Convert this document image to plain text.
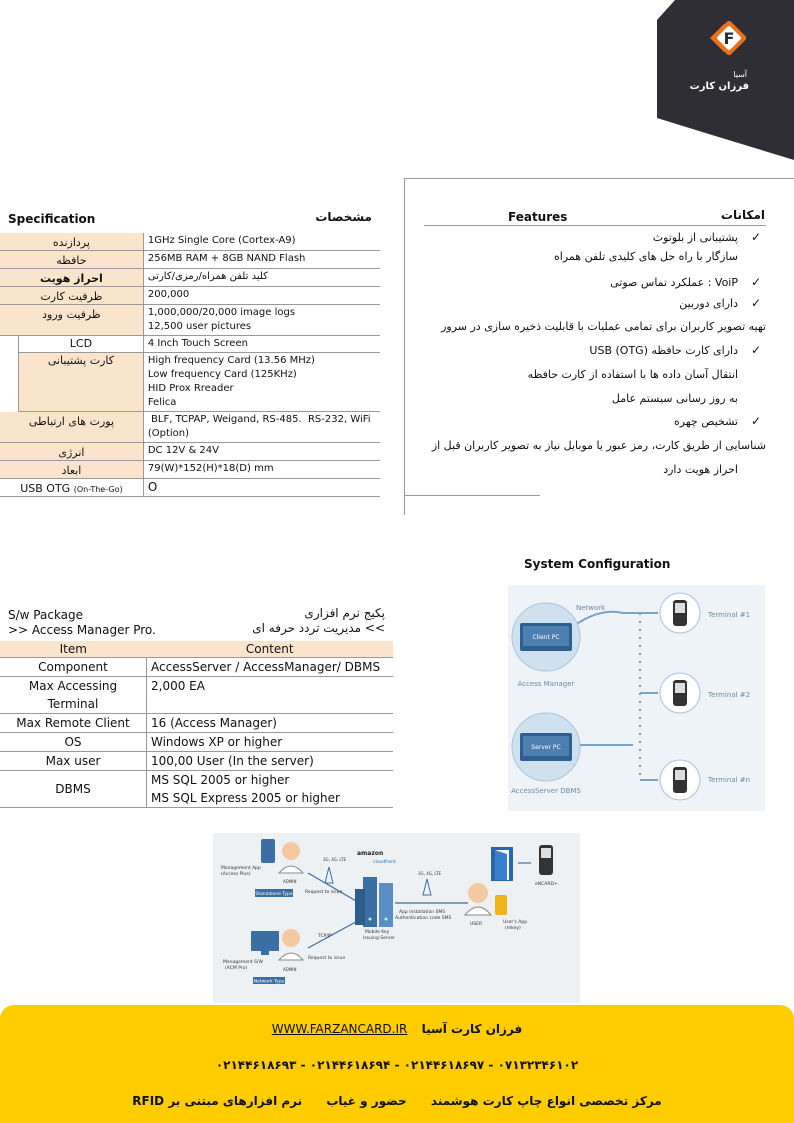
F
آسیا
فرزان کارت
Specification	مشخصات
پردازنده		1GHz Single Core (Cortex-A9)
حافظه		256MB RAM + 8GB NAND Flash
احراز هویت		کلید تلفن همراه/رمزی/کارتی
ظرفیت کارت		200,000
ظرفیت ورود		1,000,000/20,000 image logs
12,500 user pictures

	LCD	4 Inch Touch Screen
	کارت پشتیبانی	High frequency Card (13.56 MHz)
Low frequency Card (125KHz)
HID Prox Rreader
Felica

پورت های ارتباطی		BLF, TCPAP, Weigand, RS-485.  RS-232, WiFi
(Option)

انرژی		DC 12V & 24V
ابعاد		79(W)*152(H)*18(D) mm
USB OTG (On-The-Go)		O
Features	امکانات
✓
پشتیبانی از بلوتوث
سازگار با راه حل های کلیدی تلفن همراه
✓
VoiP : عملکرد تماس صوتی
✓
دارای دوربین
تهیه تصویر کاربران برای تمامی عملیات با قابلیت ذخیره سازی در سرور
✓
دارای کارت حافظه USB (OTG)
انتقال آسان داده ها با استفاده از کارت حافظه
به روز رسانی سیستم عامل
✓
تشخیص چهره
شناسایی از طریق کارت، رمز عبور یا موبایل نیاز به تصویر کاربران قبل از
احراز هویت دارد
System Configuration
Network
Client PC
Access Manager
Server PC
AccessServer DBMS
Terminal #1
Terminal #2
Terminal #n
S/w Package
>> Access Manager Pro.
پکیج نرم افزاری
>> مدیریت تردد حرفه ای
Item	Content
Component	AccessServer / AccessManager/ DBMS
Max Accessing Terminal	2,000 EA
Max Remote Client	16 (Access Manager)
OS	Windows XP or higher
Max user	100,00 User (In the server)
DBMS	MS SQL 2005 or higher
MS SQL Express 2005 or higher
Management App
(Access Plus)
ADMIN
Standalone Type
Management S/W
(ACM Pro)	ADMIN
Network Type
3G, 4G, LTE
Request to issue
TCP/IP
Request to issue
amazon
cloudfront
Mobile Key
Issuing Server
3G, 4G, LTE
App installation SMS
Authentication code SMS
USER	User's App
(mkey)
eNCARD+
WWW.FARZANCARD.IR فرزان کارت آسیا
۰۷۱۳۲۳۴۶۱۰۲ - ۰۲۱۴۴۶۱۸۶۹۷ - ۰۲۱۴۴۶۱۸۶۹۴ - ۰۲۱۴۴۶۱۸۶۹۳
مرکز تخصصی انواع چاپ کارت هوشمند حضور و غیاب نرم افزارهای مبتنی بر RFID
